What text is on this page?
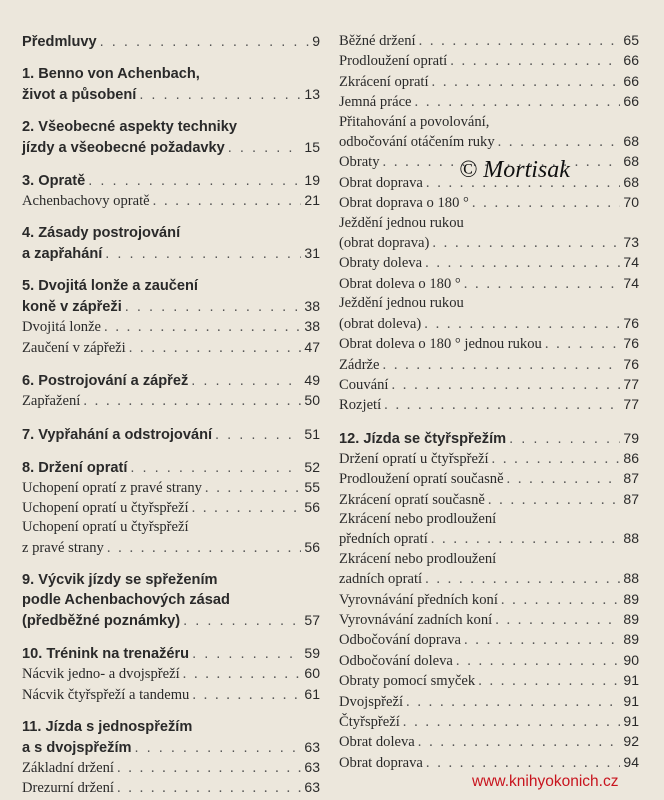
Předmluvy . . .	9
1. Benno von Achenbach,
život a působení . . .	13
2. Všeobecné aspekty techniky
jízdy a všeobecné požadavky . . .	15
3. Opratě . . .	19
Achenbachovy opratě . . .	21
4. Zásady postrojování
a zapřahání . . .	31
5. Dvojitá lonže a zaučení
koně v zápřeži . . .	38
Dvojitá lonže . . .	38
Zaučení v zápřeži . . .	47
6. Postrojování a zápřež . . .	49
Zapřažení . . .	50
7. Vypřahání a odstrojování . . .	51
8. Držení opratí . . .	52
Uchopení opratí z pravé strany . . .	55
Uchopení opratí u čtyřspřeží . . .	56
Uchopení opratí u čtyřspřeží
z pravé strany . . .	56
9. Výcvik jízdy se spřežením
podle Achenbachových zásad
(předběžné poznámky) . . .	57
10. Trénink na trenažéru . . .	59
Nácvik jedno- a dvojspřeží . . .	60
Nácvik čtyřspřeží a tandemu . . .	61
11. Jízda s jednospřežím
a s dvojspřežím . . .	63
Základní držení . . .	63
Drezurní držení . . .	63
Běžné držení . . .	65
Prodloužení opratí . . .	66
Zkrácení opratí . . .	66
Jemná práce . . .	66
Přitahování a povolování,
odbočování otáčením ruky . . .	68
Obraty . . .	68
Obrat doprava . . .	68
Obrat doprava o 180 ° . . .	70
Ježdění jednou rukou
(obrat doprava) . . .	73
Obraty doleva . . .	74
Obrat doleva o 180 ° . . .	74
Ježdění jednou rukou
(obrat doleva) . . .	76
Obrat doleva o 180 ° jednou rukou . . .	76
Zádrže . . .	76
Couvání . . .	77
Rozjetí . . .	77
12. Jízda se čtyřspřežím . . .	79
Držení opratí u čtyřspřeží . . .	86
Prodloužení opratí současně . . .	87
Zkrácení opratí současně . . .	87
Zkrácení nebo prodloužení
předních opratí . . .	88
Zkrácení nebo prodloužení
zadních opratí . . .	88
Vyrovnávání předních koní . . .	89
Vyrovnávání zadních koní . . .	89
Odbočování doprava . . .	89
Odbočování doleva . . .	90
Obraty pomocí smyček . . .	91
Dvojspřeží . . .	91
Čtyřspřeží . . .	91
Obrat doleva . . .	92
Obrat doprava . . .	94
© Mortisak
www.knihyokonich.cz
